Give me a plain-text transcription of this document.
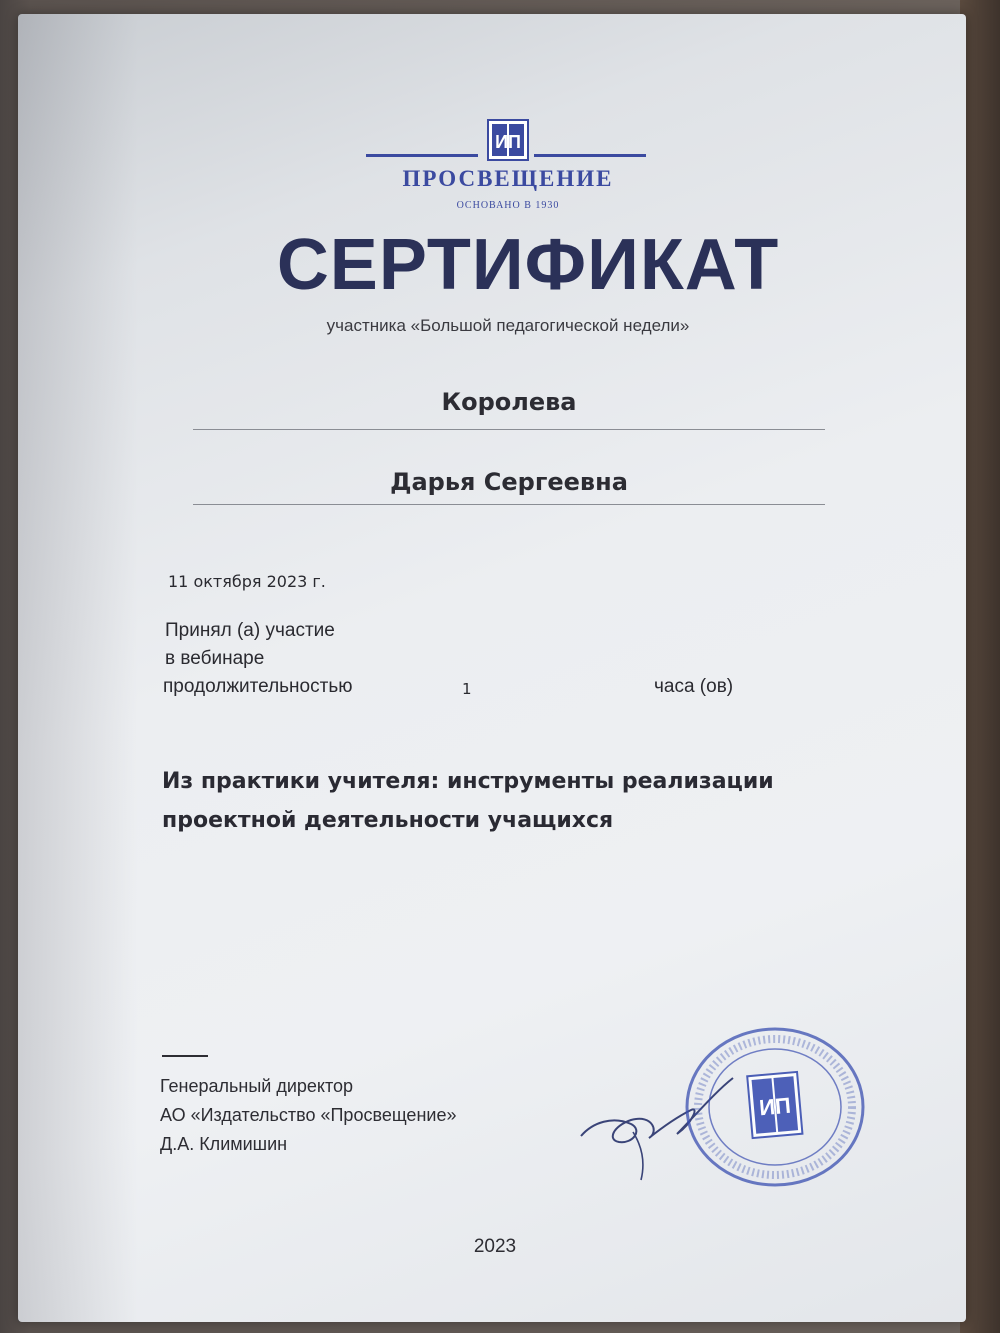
ИП
ПРОСВЕЩЕНИЕ
ОСНОВАНО В 1930
СЕРТИФИКАТ
участника «Большой педагогической недели»
Королева
Дарья Сергеевна
11 октября 2023 г.
Принял (а) участие
в вебинаре
продолжительностью	1	часа (ов)
Из практики учителя: инструменты реализации
проектной деятельности учащихся
Генеральный директор
АО «Издательство «Просвещение»
Д.А. Климишин
ИП
2023
